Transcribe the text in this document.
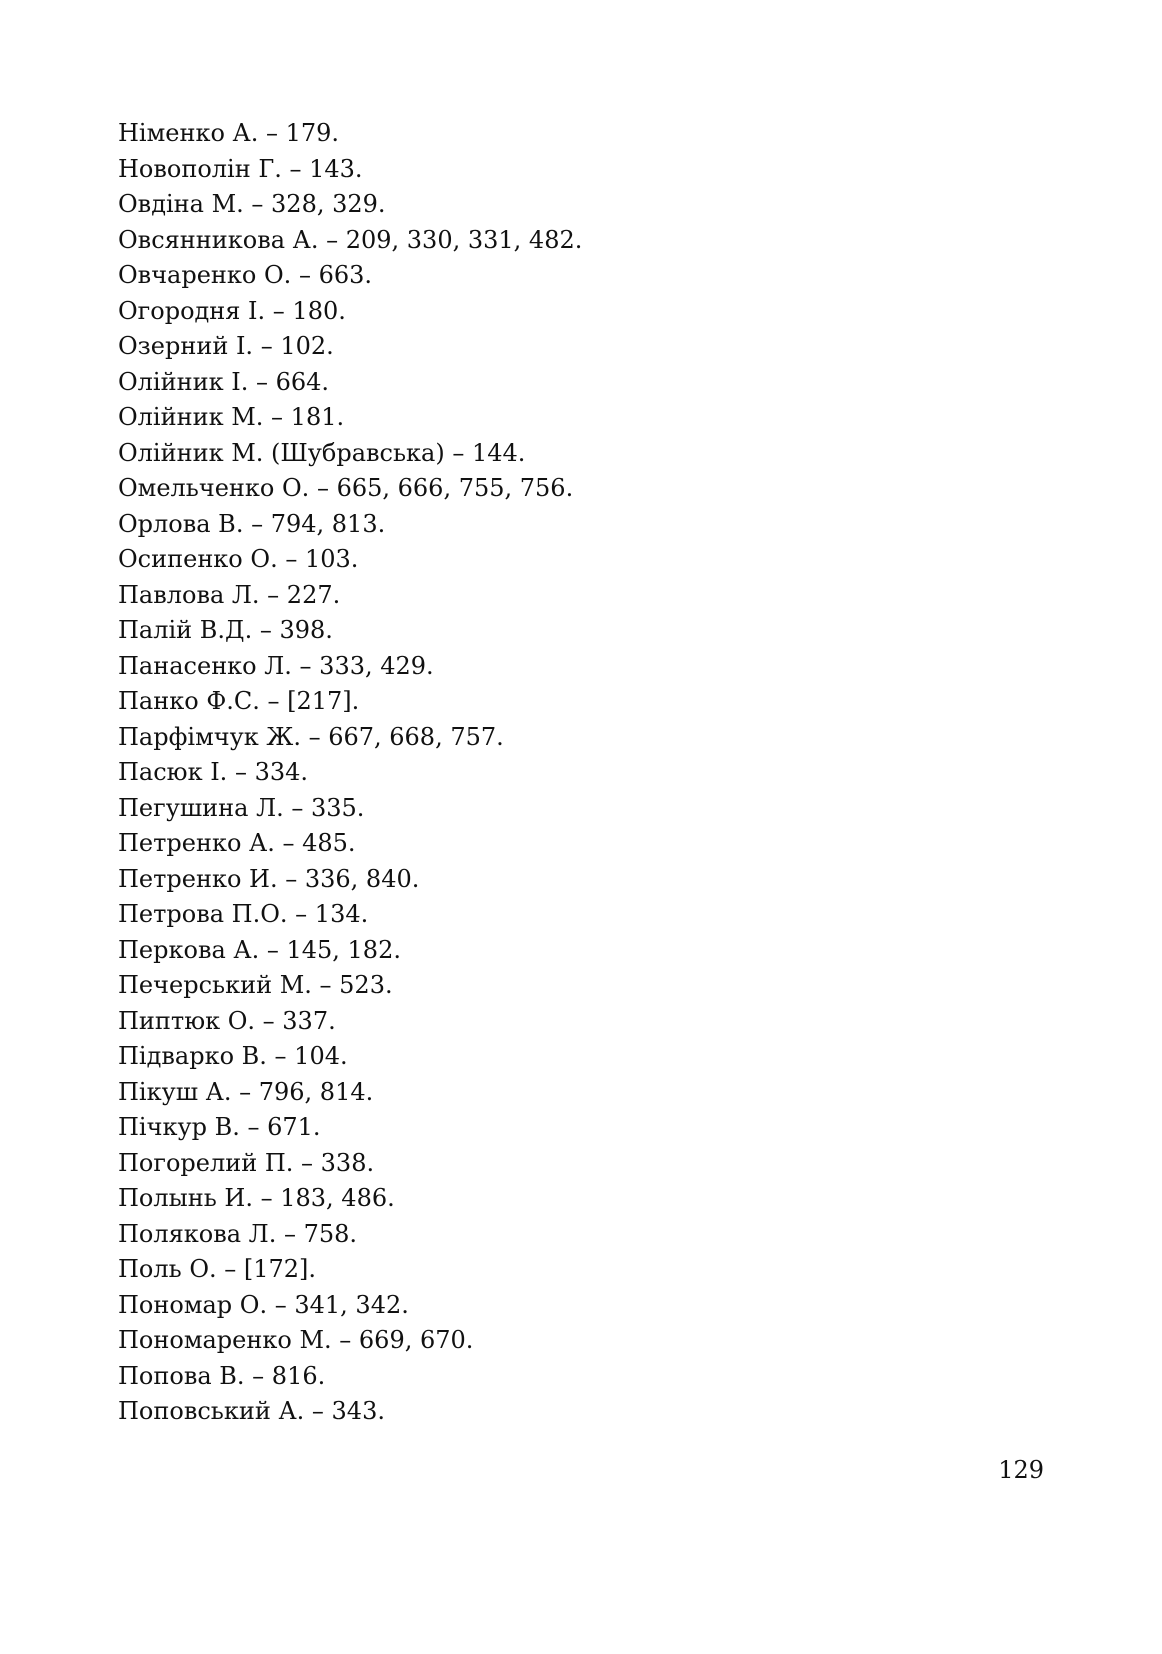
Німенко А. – 179.
Новополін Г. – 143.
Овдіна М. – 328, 329.
Овсянникова А. – 209, 330, 331, 482.
Овчаренко О. – 663.
Огородня І. – 180.
Озерний І. – 102.
Олійник І. – 664.
Олійник М. – 181.
Олійник М. (Шубравська) – 144.
Омельченко О. – 665, 666, 755, 756.
Орлова В. – 794, 813.
Осипенко О. – 103.
Павлова Л. – 227.
Палій В.Д. – 398.
Панасенко Л. – 333, 429.
Панко Ф.С. – [217].
Парфімчук Ж. – 667, 668, 757.
Пасюк І. – 334.
Пегушина Л. – 335.
Петренко А. – 485.
Петренко И. – 336, 840.
Петрова П.О. – 134.
Перкова А. – 145, 182.
Печерський М. – 523.
Пиптюк О. – 337.
Підварко В. – 104.
Пікуш А. – 796, 814.
Пічкур В. – 671.
Погорелий П. – 338.
Полынь И. – 183, 486.
Полякова Л. – 758.
Поль О. – [172].
Пономар О. – 341, 342.
Пономаренко М. – 669, 670.
Попова В. – 816.
Поповський А. – 343.
129
